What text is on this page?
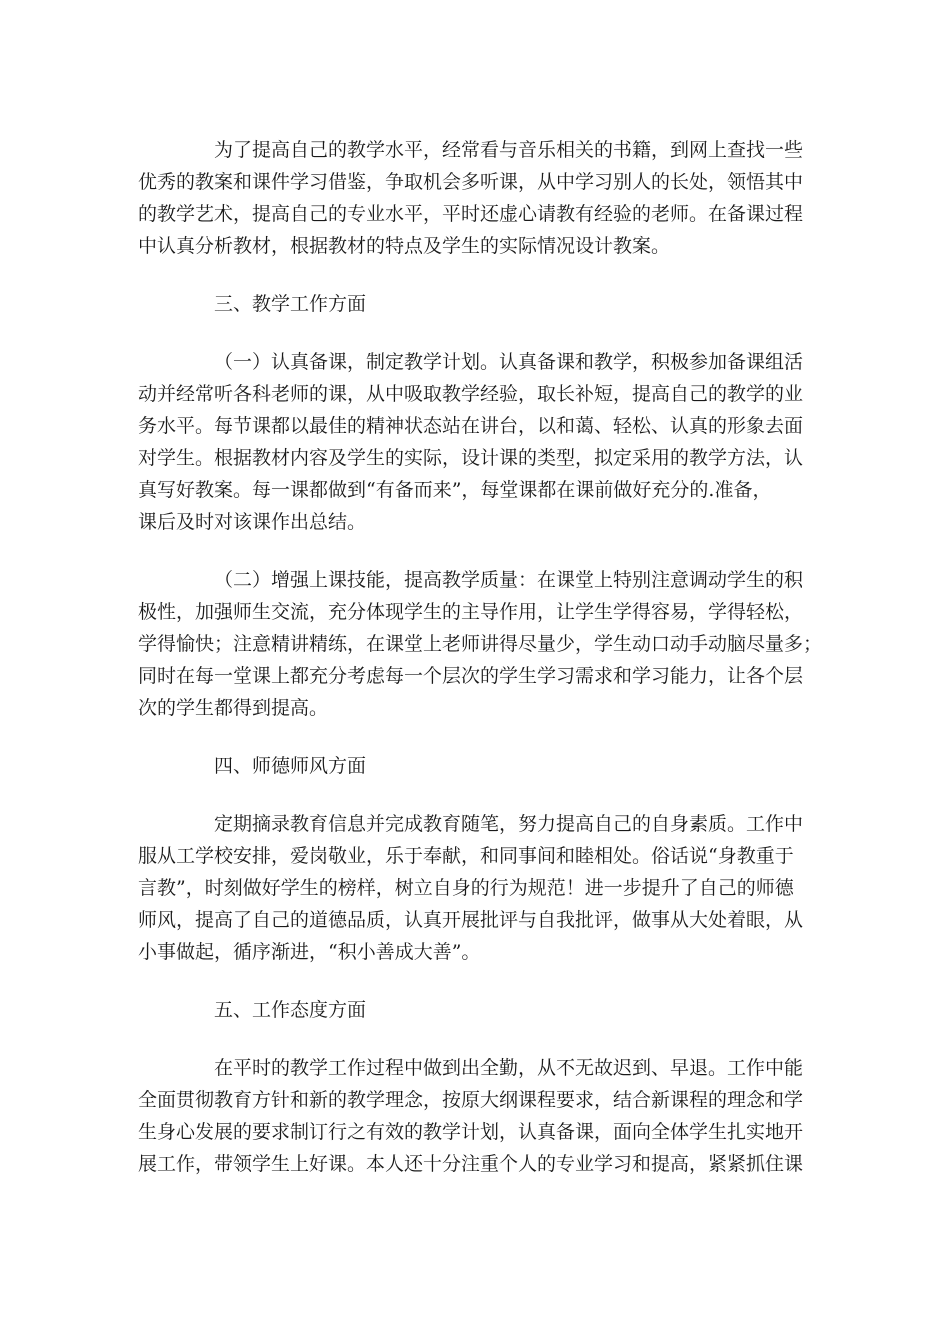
为了提高自己的教学水平，经常看与音乐相关的书籍，到网上查找一些
优秀的教案和课件学习借鉴，争取机会多听课，从中学习别人的长处，领悟其中
的教学艺术，提高自己的专业水平，平时还虚心请教有经验的老师。在备课过程
中认真分析教材，根据教材的特点及学生的实际情况设计教案。
三、教学工作方面
（一）认真备课，制定教学计划。认真备课和教学，积极参加备课组活
动并经常听各科老师的课，从中吸取教学经验，取长补短，提高自己的教学的业
务水平。每节课都以最佳的精神状态站在讲台，以和蔼、轻松、认真的形象去面
对学生。根据教材内容及学生的实际，设计课的类型，拟定采用的教学方法，认
真写好教案。每一课都做到“有备而来”，每堂课都在课前做好充分的.准备，
课后及时对该课作出总结。
（二）增强上课技能，提高教学质量：在课堂上特别注意调动学生的积
极性，加强师生交流，充分体现学生的主导作用，让学生学得容易，学得轻松，
学得愉快；注意精讲精练，在课堂上老师讲得尽量少，学生动口动手动脑尽量多；
同时在每一堂课上都充分考虑每一个层次的学生学习需求和学习能力，让各个层
次的学生都得到提高。
四、师德师风方面
定期摘录教育信息并完成教育随笔，努力提高自己的自身素质。工作中
服从工学校安排，爱岗敬业，乐于奉献，和同事间和睦相处。俗话说“身教重于
言教”，时刻做好学生的榜样，树立自身的行为规范！进一步提升了自己的师德
师风，提高了自己的道德品质，认真开展批评与自我批评，做事从大处着眼，从
小事做起，循序渐进，“积小善成大善”。
五、工作态度方面
在平时的教学工作过程中做到出全勤，从不无故迟到、早退。工作中能
全面贯彻教育方针和新的教学理念，按原大纲课程要求，结合新课程的理念和学
生身心发展的要求制订行之有效的教学计划，认真备课，面向全体学生扎实地开
展工作，带领学生上好课。本人还十分注重个人的专业学习和提高，紧紧抓住课
